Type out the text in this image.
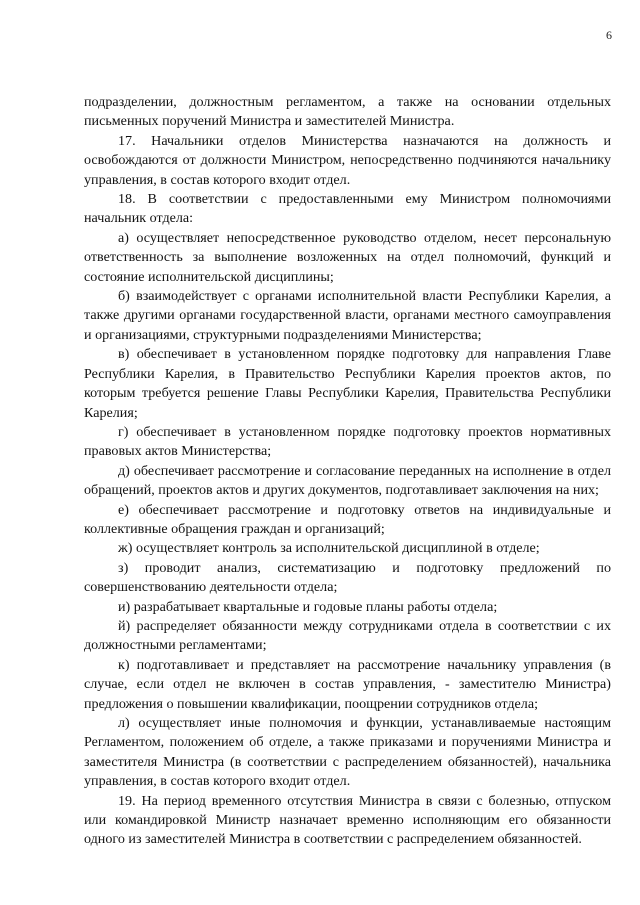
6

подразделении, должностным регламентом, а также на основании отдельных письменных поручений Министра и заместителей Министра.

17. Начальники отделов Министерства назначаются на должность и освобождаются от должности Министром, непосредственно подчиняются начальнику управления, в состав которого входит отдел.

18. В соответствии с предоставленными ему Министром полномочиями начальник отдела:

а) осуществляет непосредственное руководство отделом, несет персональную ответственность за выполнение возложенных на отдел полномочий, функций и состояние исполнительской дисциплины;

б) взаимодействует с органами исполнительной власти Республики Карелия, а также другими органами государственной власти, органами местного самоуправления и организациями, структурными подразделениями Министерства;

в) обеспечивает в установленном порядке подготовку для направления Главе Республики Карелия, в Правительство Республики Карелия проектов актов, по которым требуется решение Главы Республики Карелия, Правительства Республики Карелия;

г) обеспечивает в установленном порядке подготовку проектов нормативных правовых актов Министерства;

д) обеспечивает рассмотрение и согласование переданных на исполнение в отдел обращений, проектов актов и других документов, подготавливает заключения на них;

е) обеспечивает рассмотрение и подготовку ответов на индивидуальные и коллективные обращения граждан и организаций;

ж) осуществляет контроль за исполнительской дисциплиной в отделе;

з) проводит анализ, систематизацию и подготовку предложений по совершенствованию деятельности отдела;

и) разрабатывает квартальные и годовые планы работы отдела;

й) распределяет обязанности между сотрудниками отдела в соответствии с их должностными регламентами;

к) подготавливает и представляет на рассмотрение начальнику управления (в случае, если отдел не включен в состав управления, - заместителю Министра) предложения о повышении квалификации, поощрении сотрудников отдела;

л) осуществляет иные полномочия и функции, устанавливаемые настоящим Регламентом, положением об отделе, а также приказами и поручениями Министра и заместителя Министра (в соответствии с распределением обязанностей), начальника управления, в состав которого входит отдел.

19. На период временного отсутствия Министра в связи с болезнью, отпуском или командировкой Министр назначает временно исполняющим его обязанности одного из заместителей Министра в соответствии с распределением обязанностей.
